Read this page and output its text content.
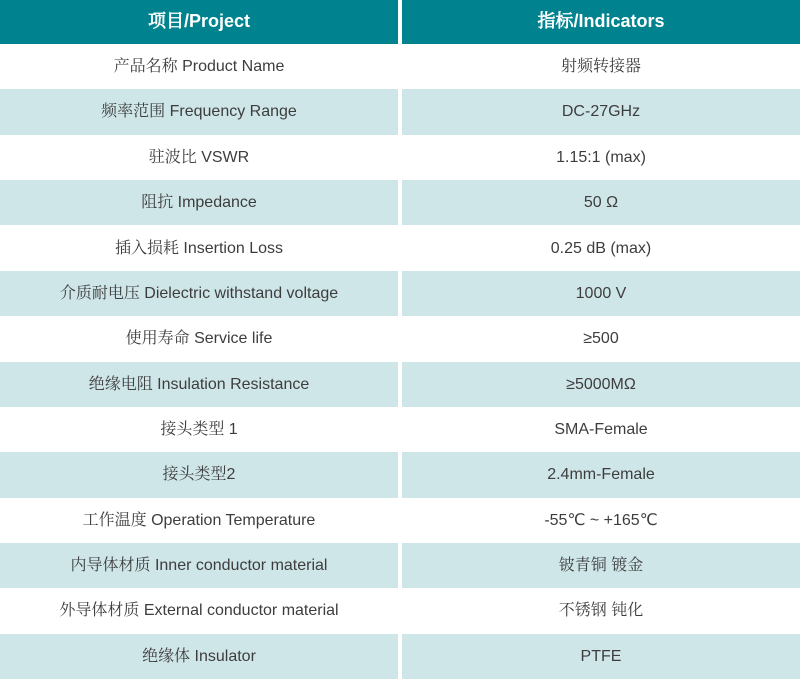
项目/Project	指标/Indicators
产品名称 Product Name	射频转接器
频率范围 Frequency Range	DC-27GHz
驻波比 VSWR	1.15:1 (max)
阻抗 Impedance	50 Ω
插入损耗 Insertion Loss	0.25 dB (max)
介质耐电压 Dielectric withstand voltage	1000 V
使用寿命 Service life	≥500
绝缘电阻 Insulation Resistance	≥5000MΩ
接头类型 1	SMA-Female
接头类型2	2.4mm-Female
工作温度 Operation Temperature	-55℃ ~ +165℃
内导体材质 Inner conductor material	铍青铜 镀金
外导体材质 External conductor material	不锈钢 钝化
绝缘体 Insulator	PTFE
